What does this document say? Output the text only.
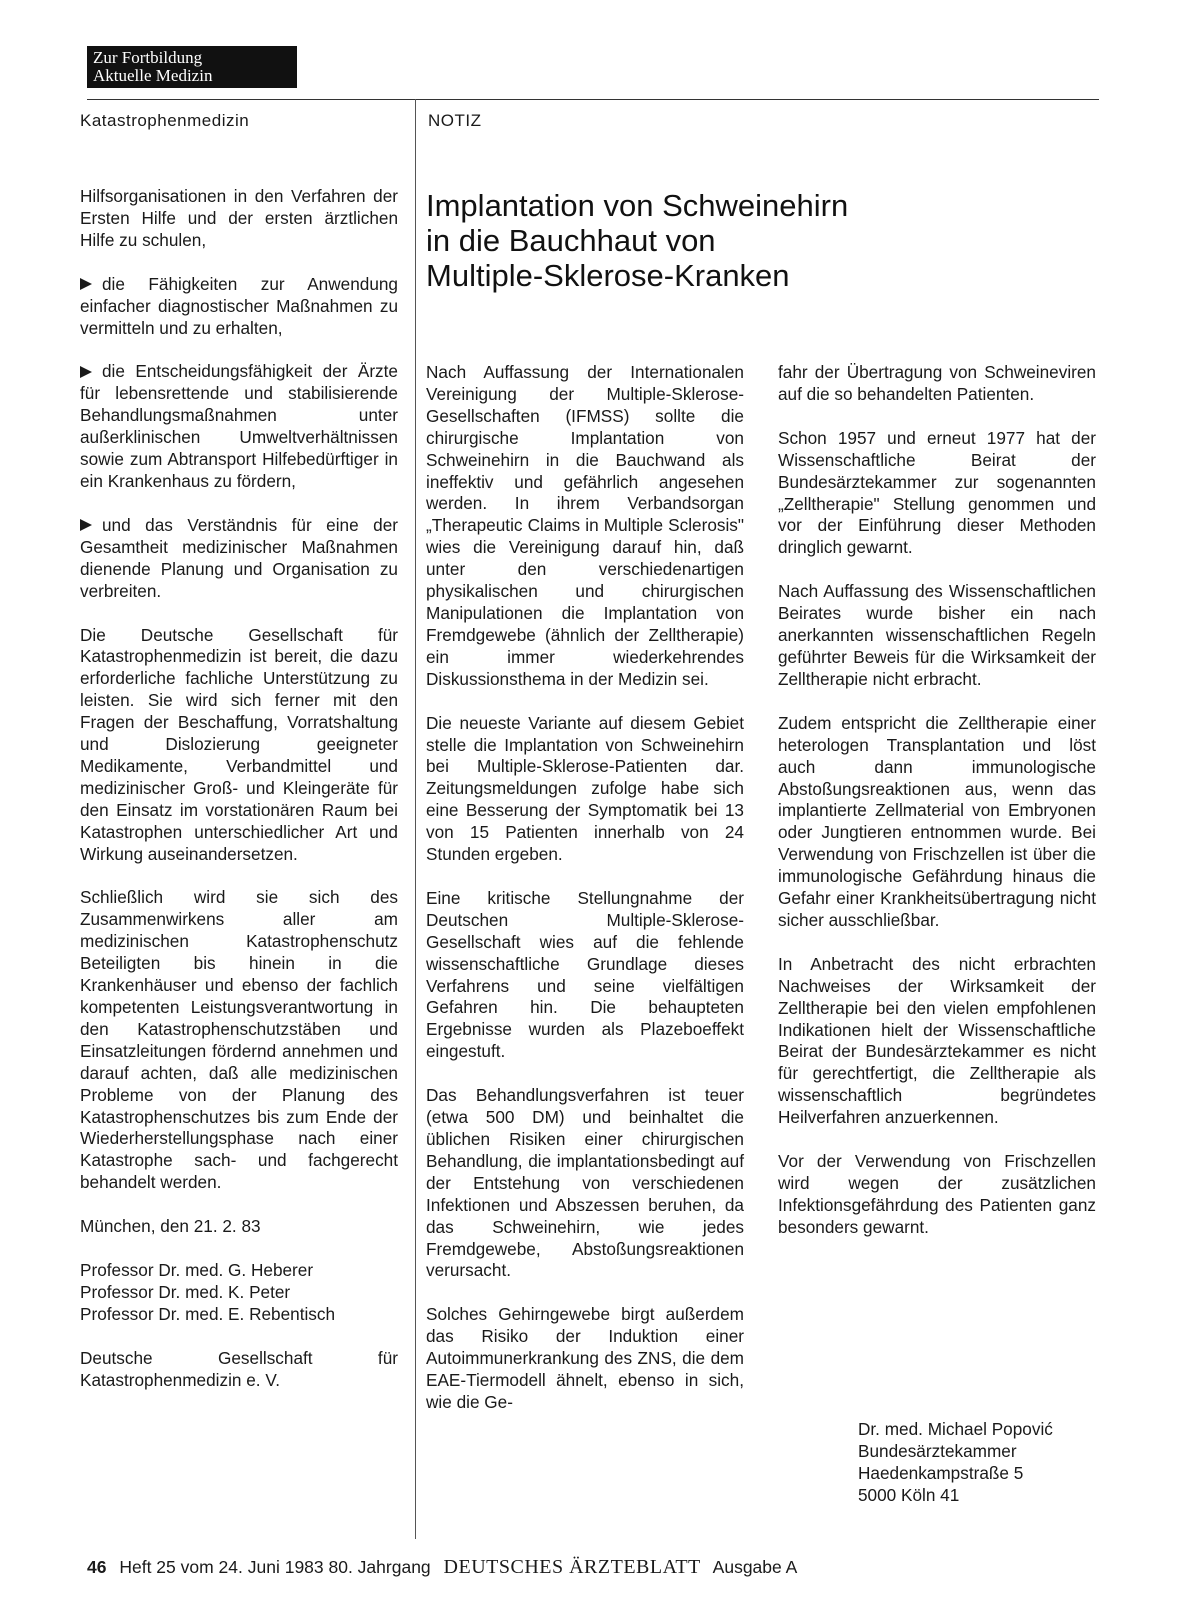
Zur Fortbildung
Aktuelle Medizin
Katastrophenmedizin	NOTIZ
Implantation von Schweinehirn
in die Bauchhaut von
Multiple-Sklerose-Kranken

Hilfsorganisationen in den Verfahren der Ersten Hilfe und der ersten ärztlichen Hilfe zu schulen,

die Fähigkeiten zur Anwendung einfacher diagnostischer Maßnahmen zu vermitteln und zu erhalten,

die Entscheidungsfähigkeit der Ärzte für lebensrettende und stabilisierende Behandlungsmaßnahmen unter außerklinischen Umweltverhältnissen sowie zum Abtransport Hilfebedürftiger in ein Krankenhaus zu fördern,

und das Verständnis für eine der Gesamtheit medizinischer Maßnahmen dienende Planung und Organisation zu verbreiten.

Die Deutsche Gesellschaft für Katastrophenmedizin ist bereit, die dazu erforderliche fachliche Unterstützung zu leisten. Sie wird sich ferner mit den Fragen der Beschaffung, Vorratshaltung und Dislozierung geeigneter Medikamente, Verbandmittel und medizinischer Groß- und Kleingeräte für den Einsatz im vorstationären Raum bei Katastrophen unterschiedlicher Art und Wirkung auseinandersetzen.

Schließlich wird sie sich des Zusammenwirkens aller am medizinischen Katastrophenschutz Beteiligten bis hinein in die Krankenhäuser und ebenso der fachlich kompetenten Leistungsverantwortung in den Katastrophenschutzstäben und Einsatzleitungen fördernd annehmen und darauf achten, daß alle medizinischen Probleme von der Planung des Katastrophenschutzes bis zum Ende der Wiederherstellungsphase nach einer Katastrophe sach- und fachgerecht behandelt werden.

München, den 21. 2. 83

Professor Dr. med. G. Heberer
Professor Dr. med. K. Peter
Professor Dr. med. E. Rebentisch

Deutsche Gesellschaft für Katastrophenmedizin e. V.

Nach Auffassung der Internationalen Vereinigung der Multiple-Sklerose-Gesellschaften (IFMSS) sollte die chirurgische Implantation von Schweinehirn in die Bauchwand als ineffektiv und gefährlich angesehen werden. In ihrem Verbandsorgan „Therapeutic Claims in Multiple Sclerosis" wies die Vereinigung darauf hin, daß unter den verschiedenartigen physikalischen und chirurgischen Manipulationen die Implantation von Fremdgewebe (ähnlich der Zelltherapie) ein immer wiederkehrendes Diskussionsthema in der Medizin sei.

Die neueste Variante auf diesem Gebiet stelle die Implantation von Schweinehirn bei Multiple-Sklerose-Patienten dar. Zeitungsmeldungen zufolge habe sich eine Besserung der Symptomatik bei 13 von 15 Patienten innerhalb von 24 Stunden ergeben.

Eine kritische Stellungnahme der Deutschen Multiple-Sklerose-Gesellschaft wies auf die fehlende wissenschaftliche Grundlage dieses Verfahrens und seine vielfältigen Gefahren hin. Die behaupteten Ergebnisse wurden als Plazeboeffekt eingestuft.

Das Behandlungsverfahren ist teuer (etwa 500 DM) und beinhaltet die üblichen Risiken einer chirurgischen Behandlung, die implantationsbedingt auf der Entstehung von verschiedenen Infektionen und Abszessen beruhen, da das Schweinehirn, wie jedes Fremdgewebe, Abstoßungsreaktionen verursacht.

Solches Gehirngewebe birgt außerdem das Risiko der Induktion einer Autoimmunerkrankung des ZNS, die dem EAE-Tiermodell ähnelt, ebenso in sich, wie die Ge-

fahr der Übertragung von Schweineviren auf die so behandelten Patienten.

Schon 1957 und erneut 1977 hat der Wissenschaftliche Beirat der Bundesärztekammer zur sogenannten „Zelltherapie" Stellung genommen und vor der Einführung dieser Methoden dringlich gewarnt.

Nach Auffassung des Wissenschaftlichen Beirates wurde bisher ein nach anerkannten wissenschaftlichen Regeln geführter Beweis für die Wirksamkeit der Zelltherapie nicht erbracht.

Zudem entspricht die Zelltherapie einer heterologen Transplantation und löst auch dann immunologische Abstoßungsreaktionen aus, wenn das implantierte Zellmaterial von Embryonen oder Jungtieren entnommen wurde. Bei Verwendung von Frischzellen ist über die immunologische Gefährdung hinaus die Gefahr einer Krankheitsübertragung nicht sicher ausschließbar.

In Anbetracht des nicht erbrachten Nachweises der Wirksamkeit der Zelltherapie bei den vielen empfohlenen Indikationen hielt der Wissenschaftliche Beirat der Bundesärztekammer es nicht für gerechtfertigt, die Zelltherapie als wissenschaftlich begründetes Heilverfahren anzuerkennen.

Vor der Verwendung von Frischzellen wird wegen der zusätzlichen Infektionsgefährdung des Patienten ganz besonders gewarnt.

Dr. med. Michael Popović
Bundesärztekammer
Haedenkampstraße 5
5000 Köln 41
46 Heft 25 vom 24. Juni 1983 80. Jahrgang DEUTSCHES ÄRZTEBLATT Ausgabe A
